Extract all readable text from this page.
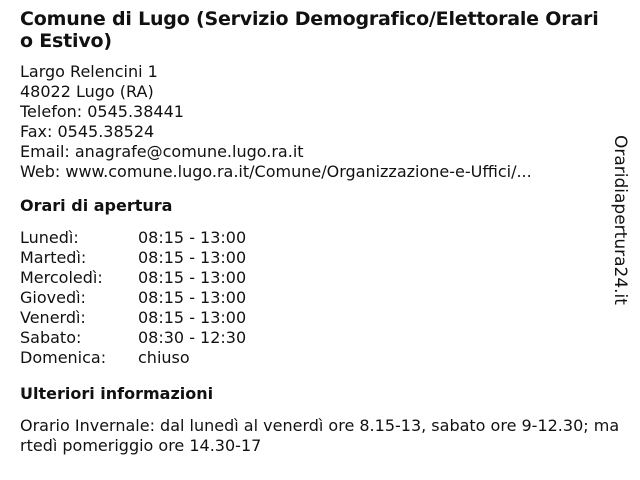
Comune di Lugo (Servizio Demografico/Elettorale Orario Estivo)
Largo Relencini 1
48022 Lugo (RA)
Telefon: 0545.38441
Fax: 0545.38524
Email: anagrafe@comune.lugo.ra.it
Web: www.comune.lugo.ra.it/Comune/Organizzazione-e-Uffici/...
Orari di apertura
Lunedì:	08:15 - 13:00
Martedì:	08:15 - 13:00
Mercoledì:	08:15 - 13:00
Giovedì:	08:15 - 13:00
Venerdì:	08:15 - 13:00
Sabato:	08:30 - 12:30
Domenica:	chiuso
Ulteriori informazioni
Orario Invernale: dal lunedì al venerdì ore 8.15-13, sabato ore 9-12.30; martedì pomeriggio ore 14.30-17
Oraridiapertura24.it
